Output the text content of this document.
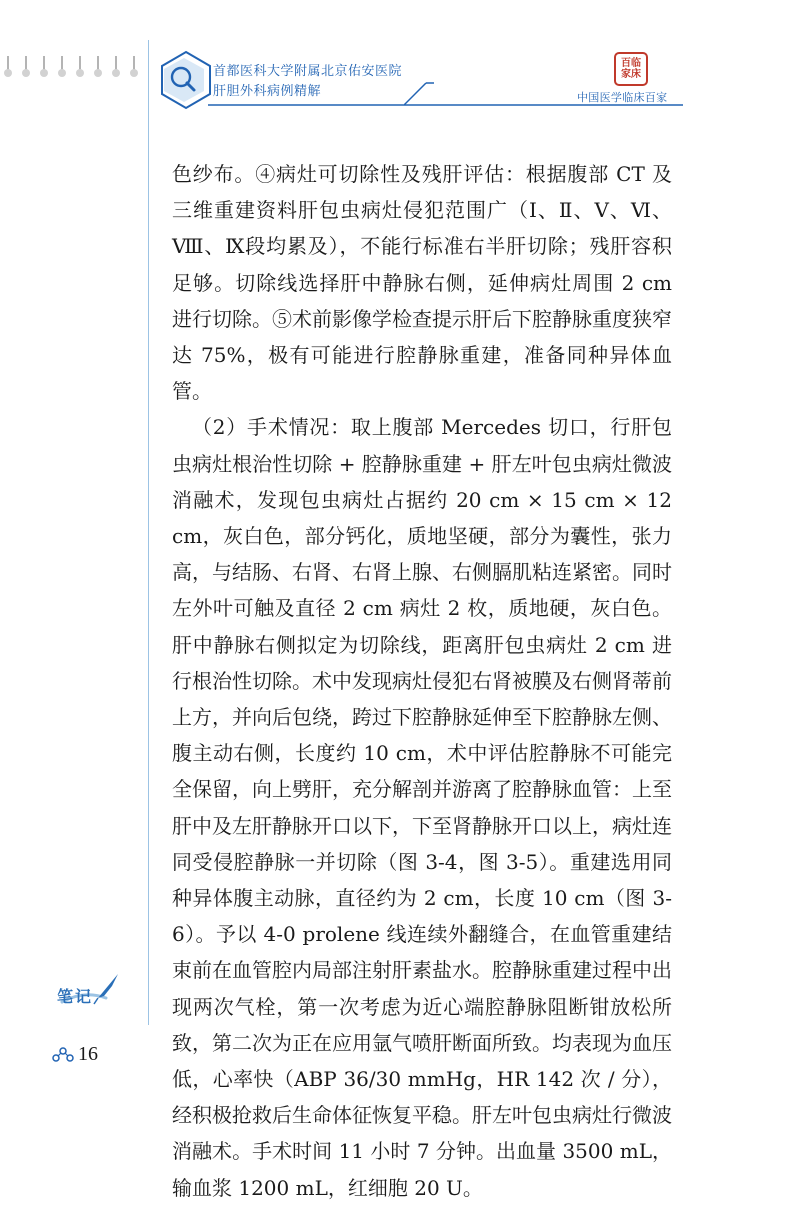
首都医科大学附属北京佑安医院
肝胆外科病例精解
百临
家床
中国医学临床百家

色纱布。④病灶可切除性及残肝评估：根据腹部 CT 及三维重建资料肝包虫病灶侵犯范围广（Ⅰ、Ⅱ、Ⅴ、Ⅵ、Ⅷ、Ⅸ段均累及），不能行标准右半肝切除；残肝容积足够。切除线选择肝中静脉右侧，延伸病灶周围 2 cm 进行切除。⑤术前影像学检查提示肝后下腔静脉重度狭窄达 75%，极有可能进行腔静脉重建，准备同种异体血管。

（2）手术情况：取上腹部 Mercedes 切口，行肝包虫病灶根治性切除 + 腔静脉重建 + 肝左叶包虫病灶微波消融术，发现包虫病灶占据约 20 cm × 15 cm × 12 cm，灰白色，部分钙化，质地坚硬，部分为囊性，张力高，与结肠、右肾、右肾上腺、右侧膈肌粘连紧密。同时左外叶可触及直径 2 cm 病灶 2 枚，质地硬，灰白色。肝中静脉右侧拟定为切除线，距离肝包虫病灶 2 cm 进行根治性切除。术中发现病灶侵犯右肾被膜及右侧肾蒂前上方，并向后包绕，跨过下腔静脉延伸至下腔静脉左侧、腹主动右侧，长度约 10 cm，术中评估腔静脉不可能完全保留，向上劈肝，充分解剖并游离了腔静脉血管：上至肝中及左肝静脉开口以下，下至肾静脉开口以上，病灶连同受侵腔静脉一并切除（图 3-4，图 3-5）。重建选用同种异体腹主动脉，直径约为 2 cm，长度 10 cm（图 3-6）。予以 4-0 prolene 线连续外翻缝合，在血管重建结束前在血管腔内局部注射肝素盐水。腔静脉重建过程中出现两次气栓，第一次考虑为近心端腔静脉阻断钳放松所致，第二次为正在应用氩气喷肝断面所致。均表现为血压低，心率快（ABP 36/30 mmHg，HR 142 次 / 分），经积极抢救后生命体征恢复平稳。肝左叶包虫病灶行微波消融术。手术时间 11 小时 7 分钟。出血量 3500 mL，输血浆 1200 mL，红细胞 20 U。

笔记
16
